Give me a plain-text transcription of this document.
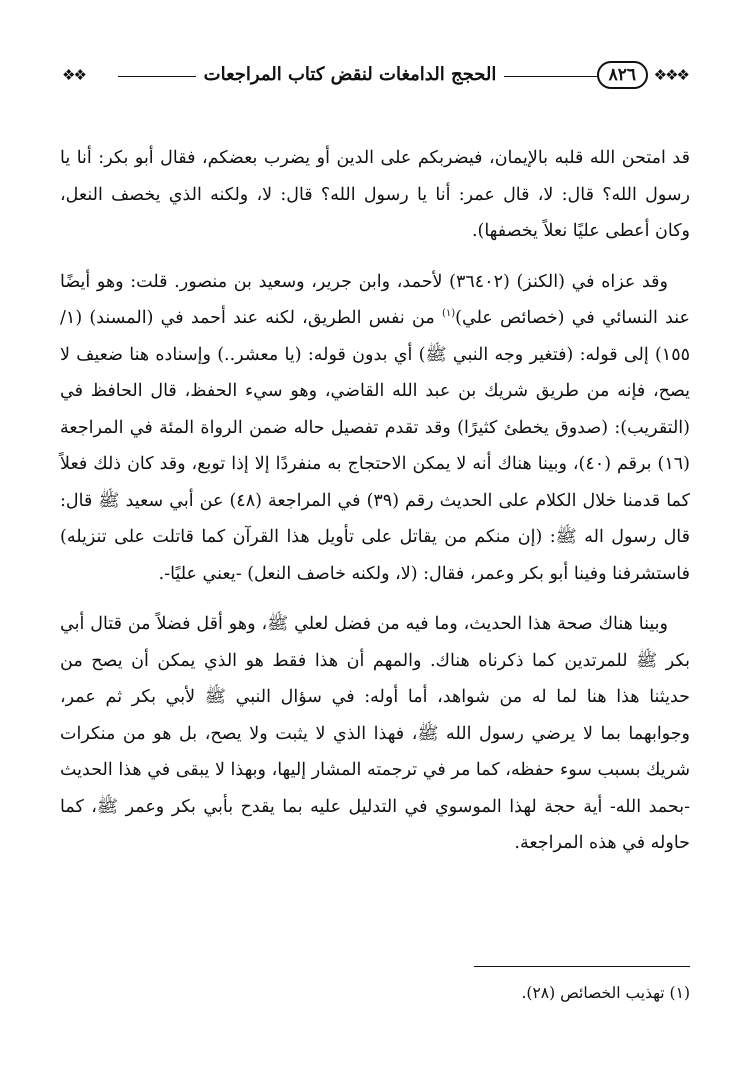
❖❖❖
٨٢٦
الحجج الدامغات لنقض كتاب المراجعات
❖❖

قد امتحن الله قلبه بالإيمان، فيضربكم على الدين أو يضرب بعضكم، فقال أبو بكر: أنا يا رسول الله؟ قال: لا، قال عمر: أنا يا رسول الله؟ قال: لا، ولكنه الذي يخصف النعل، وكان أعطى عليًا نعلاً يخصفها).

وقد عزاه في (الكنز) (٣٦٤٠٢) لأحمد، وابن جرير، وسعيد بن منصور. قلت: وهو أيضًا عند النسائي في (خصائص علي)$^{(١)}$ من نفس الطريق، لكنه عند أحمد في (المسند) (١/ ١٥٥) إلى قوله: (فتغير وجه النبي ﷺ) أي بدون قوله: (يا معشر..) وإسناده هنا ضعيف لا يصح، فإنه من طريق شريك بن عبد الله القاضي، وهو سيء الحفظ، قال الحافظ في (التقريب): (صدوق يخطئ كثيرًا) وقد تقدم تفصيل حاله ضمن الرواة المئة في المراجعة (١٦) برقم (٤٠)، وبينا هناك أنه لا يمكن الاحتجاج به منفردًا إلا إذا توبع، وقد كان ذلك فعلاً كما قدمنا خلال الكلام على الحديث رقم (٣٩) في المراجعة (٤٨) عن أبي سعيد ﷺ قال: قال رسول اله ﷺ: (إن منكم من يقاتل على تأويل هذا القرآن كما قاتلت على تنزيله) فاستشرفنا وفينا أبو بكر وعمر، فقال: (لا، ولكنه خاصف النعل) -يعني عليًا-.

وبينا هناك صحة هذا الحديث، وما فيه من فضل لعلي ﷺ، وهو أقل فضلاً من قتال أبي بكر ﷺ للمرتدين كما ذكرناه هناك. والمهم أن هذا فقط هو الذي يمكن أن يصح من حديثنا هذا هنا لما له من شواهد، أما أوله: في سؤال النبي ﷺ لأبي بكر ثم عمر، وجوابهما بما لا يرضي رسول الله ﷺ، فهذا الذي لا يثبت ولا يصح، بل هو من منكرات شريك بسبب سوء حفظه، كما مر في ترجمته المشار إليها، وبهذا لا يبقى في هذا الحديث -بحمد الله- أية حجة لهذا الموسوي في التدليل عليه بما يقدح بأبي بكر وعمر ﷺ، كما حاوله في هذه المراجعة.

(١) تهذيب الخصائص (٢٨).
